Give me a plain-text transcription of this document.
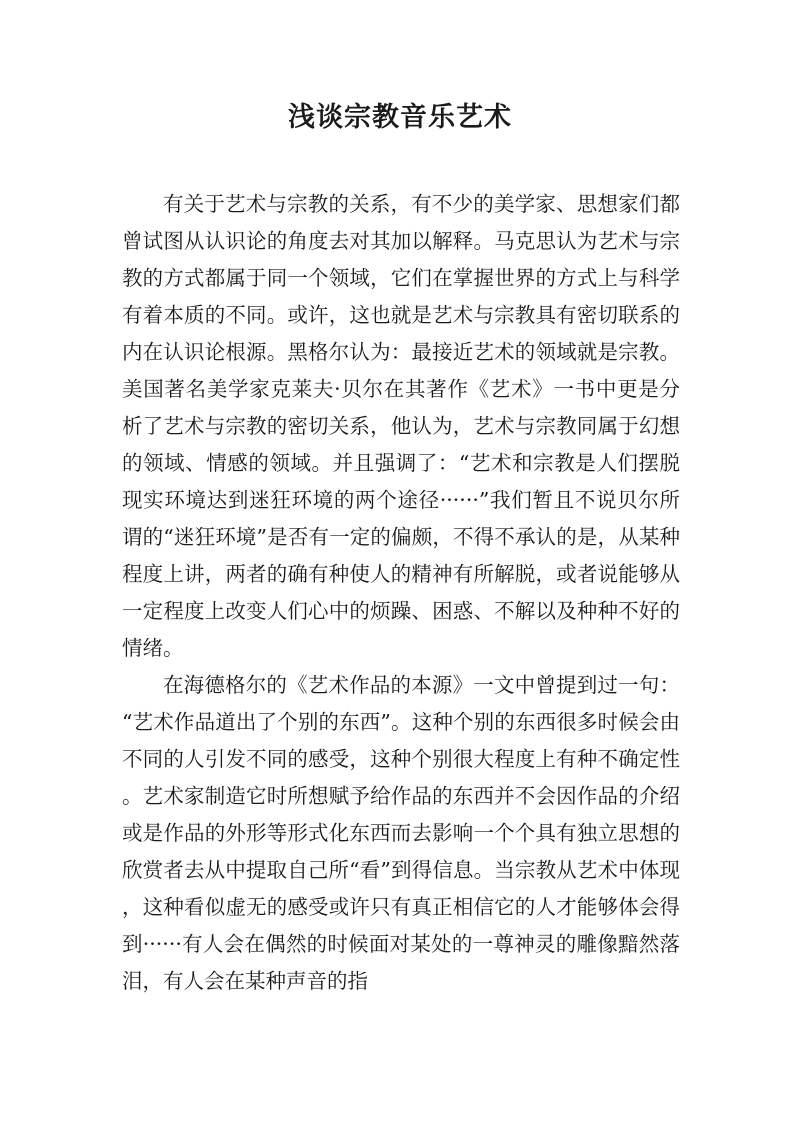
浅谈宗教音乐艺术

有关于艺术与宗教的关系，有不少的美学家、思想家们都曾试图从认识论的角度去对其加以解释。马克思认为艺术与宗教的方式都属于同一个领域，它们在掌握世界的方式上与科学有着本质的不同。或许，这也就是艺术与宗教具有密切联系的内在认识论根源。黑格尔认为：最接近艺术的领域就是宗教。美国著名美学家克莱夫·贝尔在其著作《艺术》一书中更是分析了艺术与宗教的密切关系，他认为，艺术与宗教同属于幻想的领域、情感的领域。并且强调了：“艺术和宗教是人们摆脱现实环境达到迷狂环境的两个途径······”我们暂且不说贝尔所谓的“迷狂环境”是否有一定的偏颇，不得不承认的是，从某种程度上讲，两者的确有种使人的精神有所解脱，或者说能够从一定程度上改变人们心中的烦躁、困惑、不解以及种种不好的情绪。

在海德格尔的《艺术作品的本源》一文中曾提到过一句：“艺术作品道出了个别的东西”。这种个别的东西很多时候会由不同的人引发不同的感受，这种个别很大程度上有种不确定性。艺术家制造它时所想赋予给作品的东西并不会因作品的介绍或是作品的外形等形式化东西而去影响一个个具有独立思想的欣赏者去从中提取自己所“看”到得信息。当宗教从艺术中体现，这种看似虚无的感受或许只有真正相信它的人才能够体会得到······有人会在偶然的时候面对某处的一尊神灵的雕像黯然落泪，有人会在某种声音的指
